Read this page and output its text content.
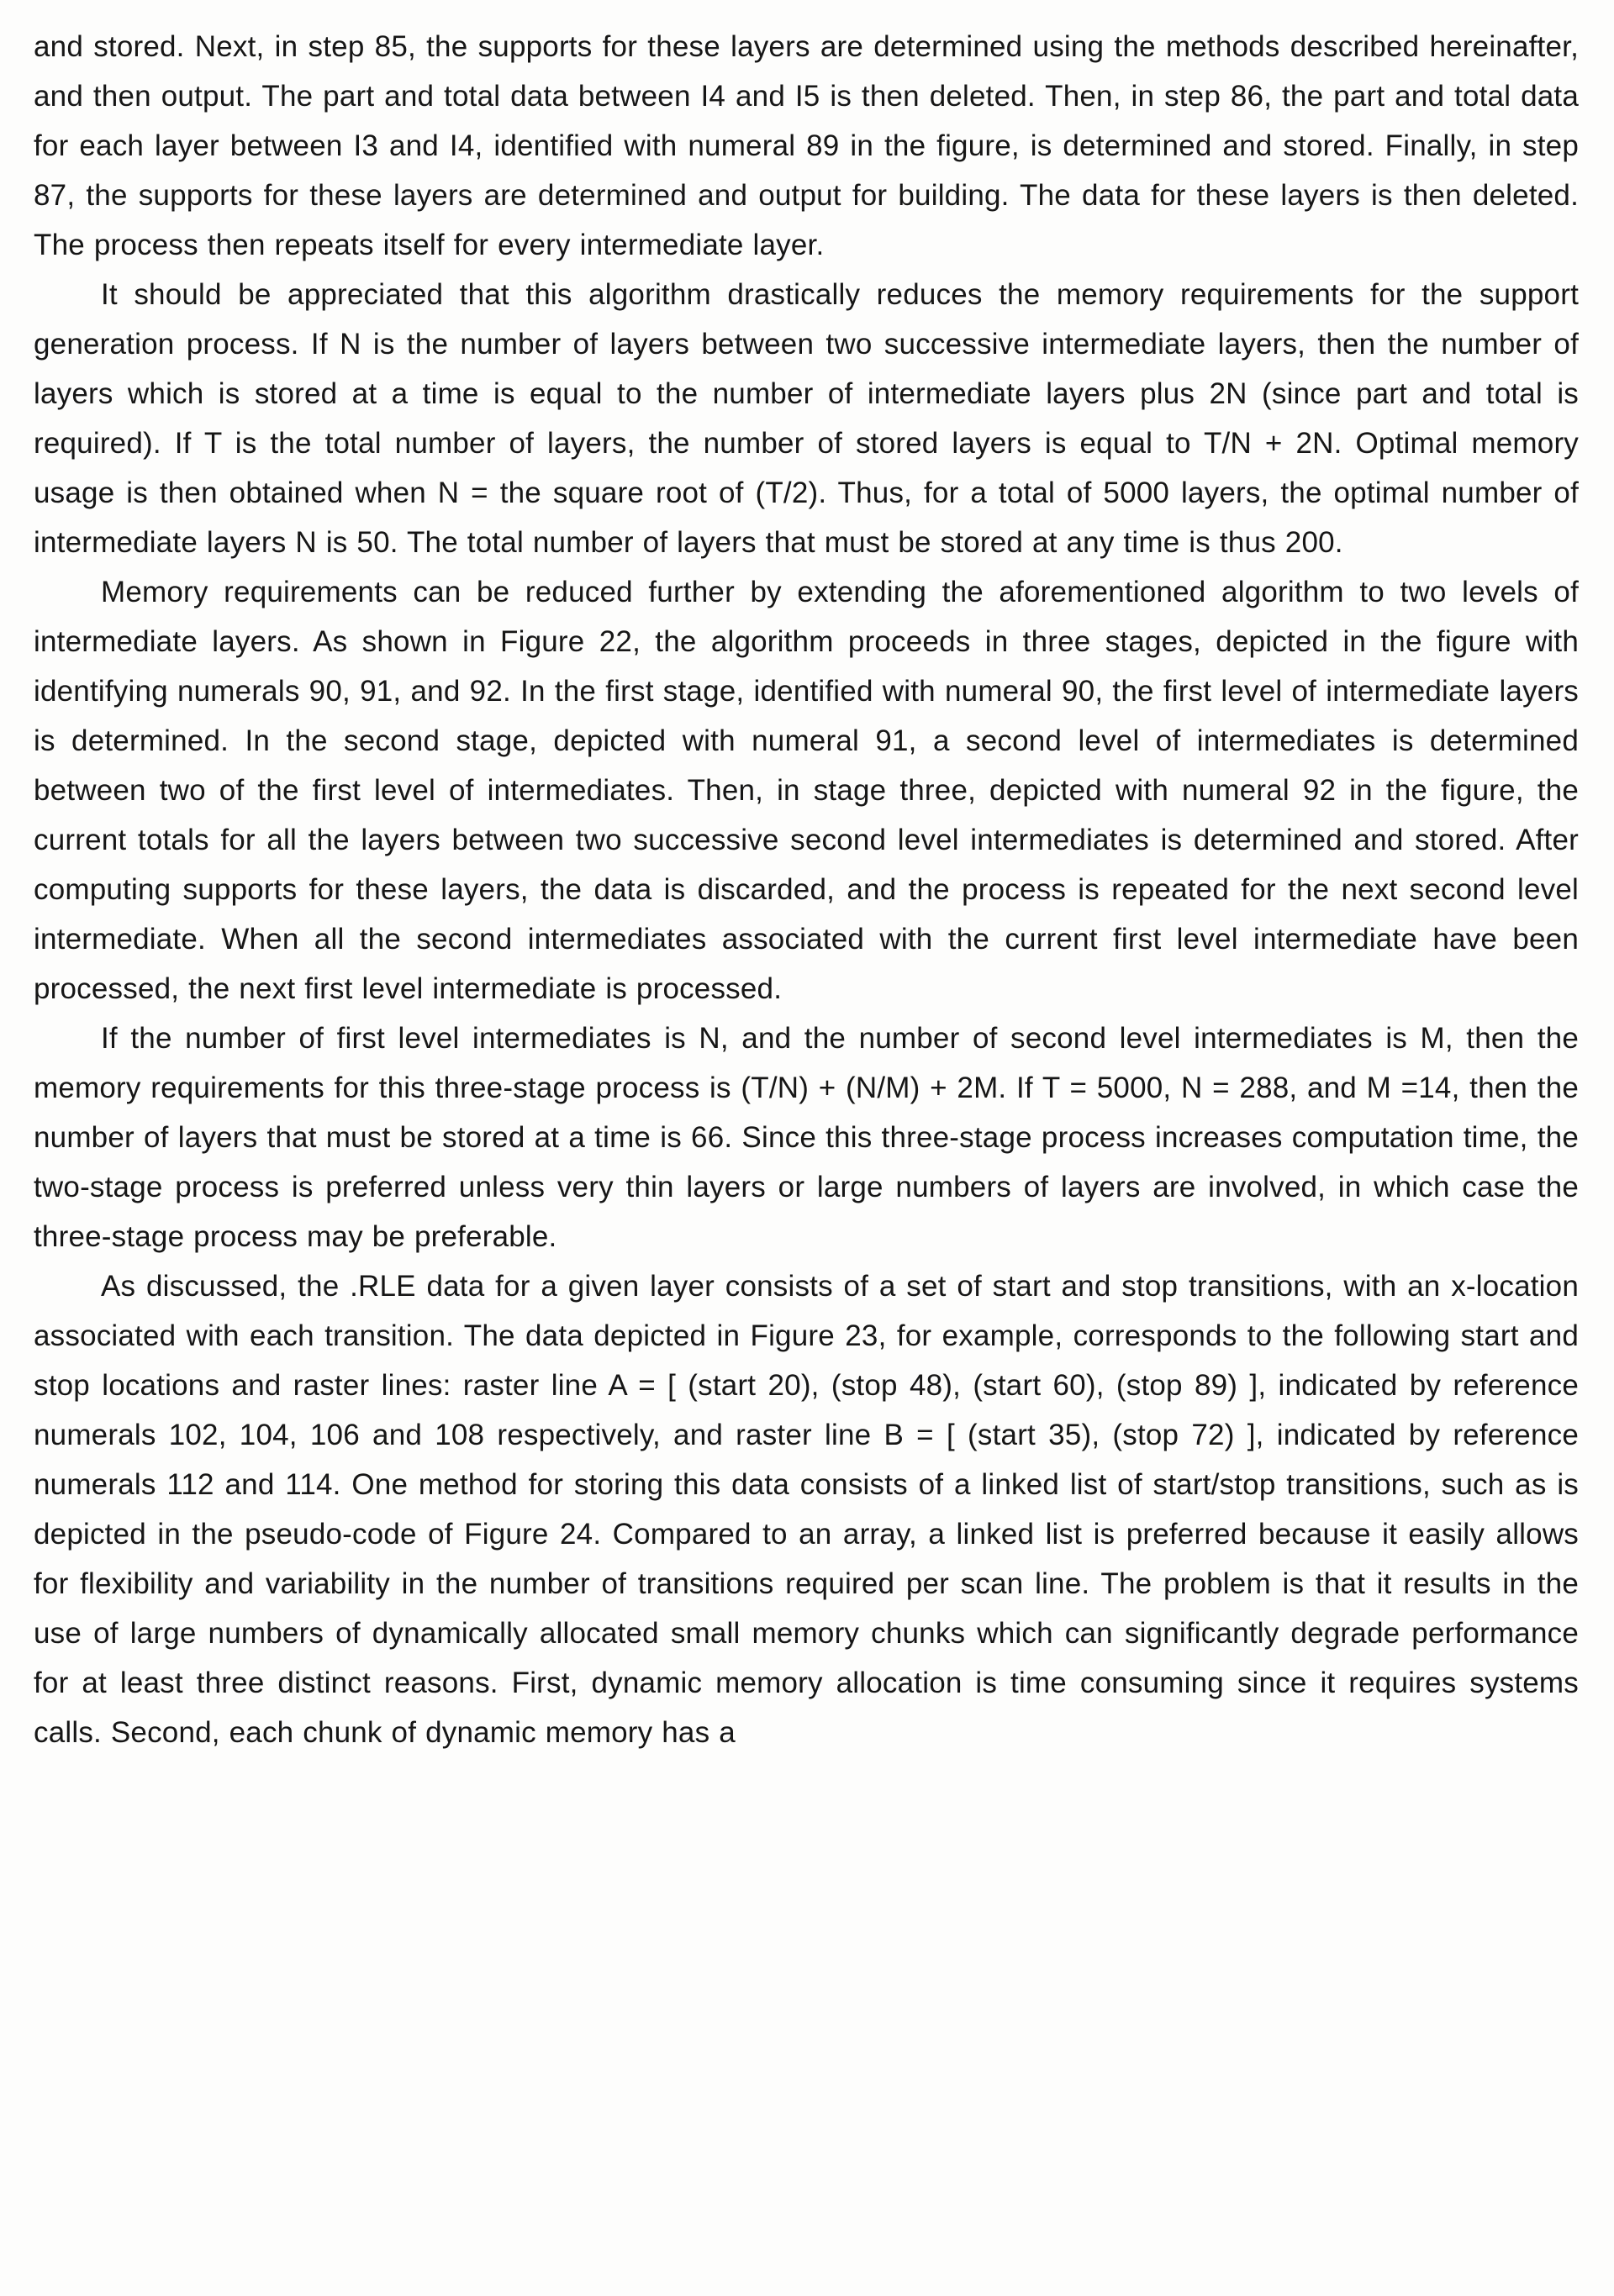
and stored. Next, in step 85, the supports for these layers are determined using the methods described hereinafter, and then output. The part and total data between I4 and I5 is then deleted. Then, in step 86, the part and total data for each layer between I3 and I4, identified with numeral 89 in the figure, is determined and stored. Finally, in step 87, the supports for these layers are determined and output for building. The data for these layers is then deleted. The process then repeats itself for every intermediate layer.

It should be appreciated that this algorithm drastically reduces the memory requirements for the support generation process. If N is the number of layers between two successive intermediate layers, then the number of layers which is stored at a time is equal to the number of intermediate layers plus 2N (since part and total is required). If T is the total number of layers, the number of stored layers is equal to T/N + 2N. Optimal memory usage is then obtained when N = the square root of (T/2). Thus, for a total of 5000 layers, the optimal number of intermediate layers N is 50. The total number of layers that must be stored at any time is thus 200.

Memory requirements can be reduced further by extending the aforementioned algorithm to two levels of intermediate layers. As shown in Figure 22, the algorithm proceeds in three stages, depicted in the figure with identifying numerals 90, 91, and 92. In the first stage, identified with numeral 90, the first level of intermediate layers is determined. In the second stage, depicted with numeral 91, a second level of intermediates is determined between two of the first level of intermediates. Then, in stage three, depicted with numeral 92 in the figure, the current totals for all the layers between two successive second level intermediates is determined and stored. After computing supports for these layers, the data is discarded, and the process is repeated for the next second level intermediate. When all the second intermediates associated with the current first level intermediate have been processed, the next first level intermediate is processed.

If the number of first level intermediates is N, and the number of second level intermediates is M, then the memory requirements for this three-stage process is (T/N) + (N/M) + 2M. If T = 5000, N = 288, and M =14, then the number of layers that must be stored at a time is 66. Since this three-stage process increases computation time, the two-stage process is preferred unless very thin layers or large numbers of layers are involved, in which case the three-stage process may be preferable.

As discussed, the .RLE data for a given layer consists of a set of start and stop transitions, with an x-location associated with each transition. The data depicted in Figure 23, for example, corresponds to the following start and stop locations and raster lines: raster line A = [ (start 20), (stop 48), (start 60), (stop 89) ], indicated by reference numerals 102, 104, 106 and 108 respectively, and raster line B = [ (start 35), (stop 72) ], indicated by reference numerals 112 and 114. One method for storing this data consists of a linked list of start/stop transitions, such as is depicted in the pseudo-code of Figure 24. Compared to an array, a linked list is preferred because it easily allows for flexibility and variability in the number of transitions required per scan line. The problem is that it results in the use of large numbers of dynamically allocated small memory chunks which can significantly degrade performance for at least three distinct reasons. First, dynamic memory allocation is time consuming since it requires systems calls. Second, each chunk of dynamic memory has a
